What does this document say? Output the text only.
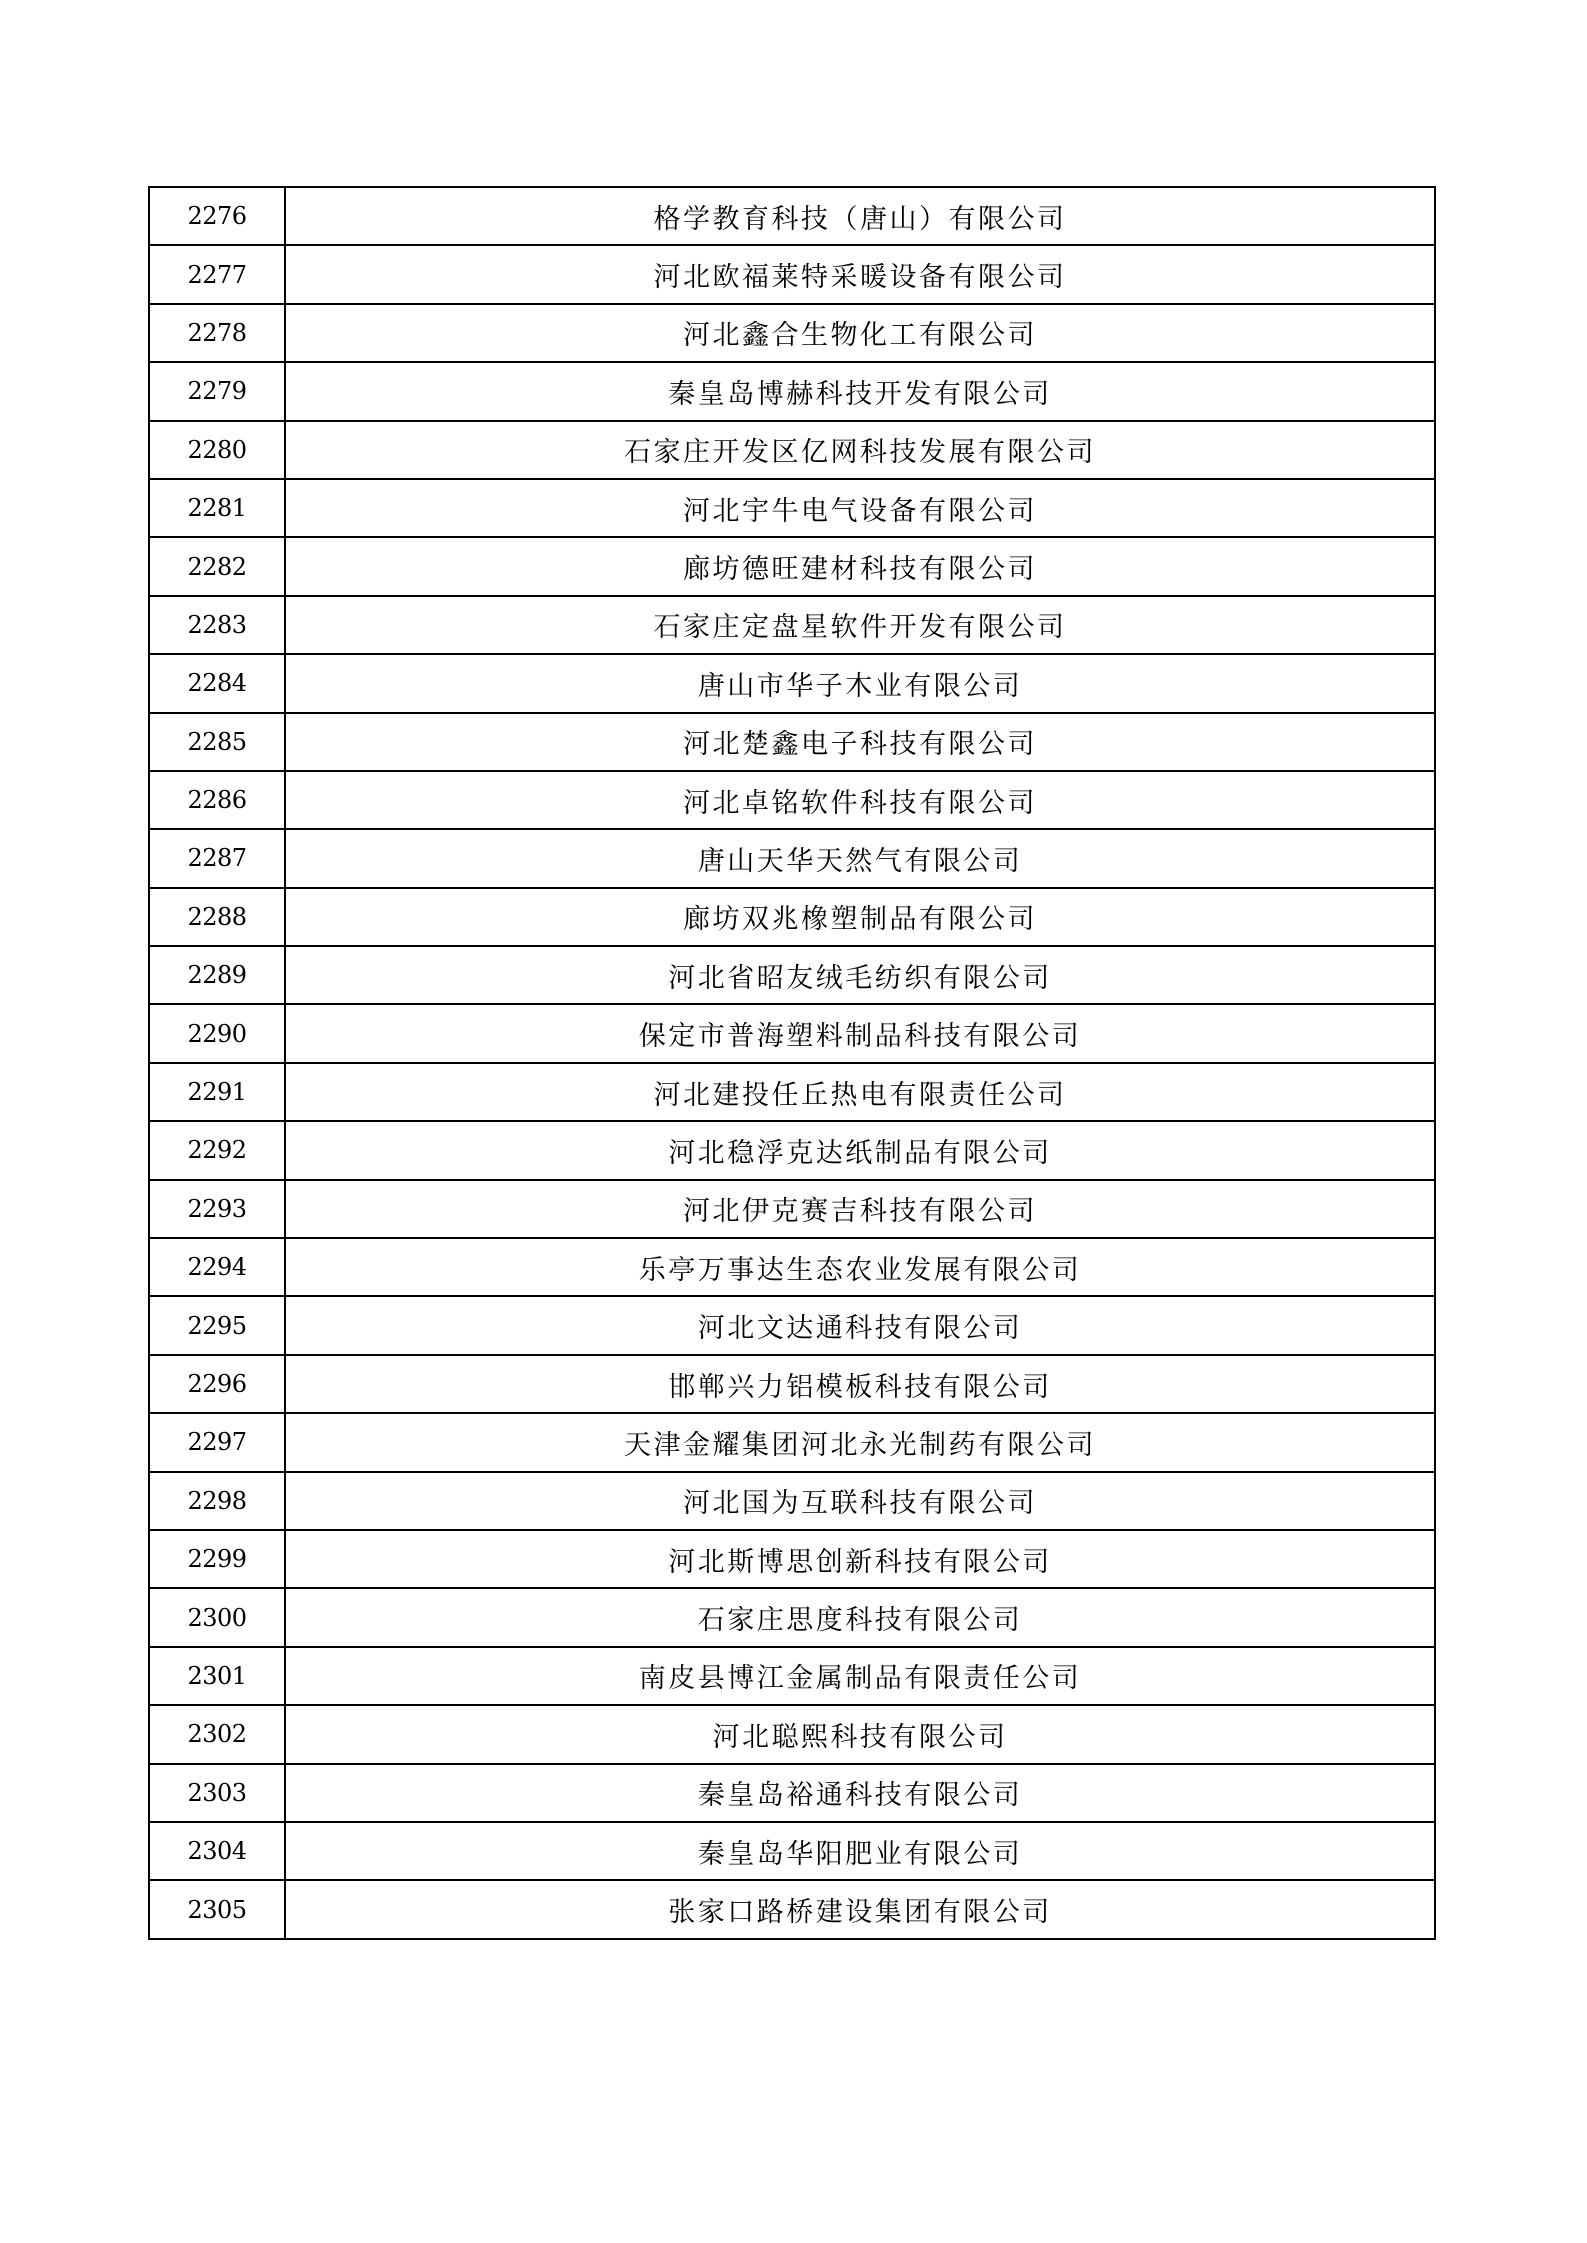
2276	格学教育科技（唐山）有限公司
2277	河北欧福莱特采暖设备有限公司
2278	河北鑫合生物化工有限公司
2279	秦皇岛博赫科技开发有限公司
2280	石家庄开发区亿网科技发展有限公司
2281	河北宇牛电气设备有限公司
2282	廊坊德旺建材科技有限公司
2283	石家庄定盘星软件开发有限公司
2284	唐山市华子木业有限公司
2285	河北楚鑫电子科技有限公司
2286	河北卓铭软件科技有限公司
2287	唐山天华天然气有限公司
2288	廊坊双兆橡塑制品有限公司
2289	河北省昭友绒毛纺织有限公司
2290	保定市普海塑料制品科技有限公司
2291	河北建投任丘热电有限责任公司
2292	河北稳浮克达纸制品有限公司
2293	河北伊克赛吉科技有限公司
2294	乐亭万事达生态农业发展有限公司
2295	河北文达通科技有限公司
2296	邯郸兴力铝模板科技有限公司
2297	天津金耀集团河北永光制药有限公司
2298	河北国为互联科技有限公司
2299	河北斯博思创新科技有限公司
2300	石家庄思度科技有限公司
2301	南皮县博江金属制品有限责任公司
2302	河北聪熙科技有限公司
2303	秦皇岛裕通科技有限公司
2304	秦皇岛华阳肥业有限公司
2305	张家口路桥建设集团有限公司
